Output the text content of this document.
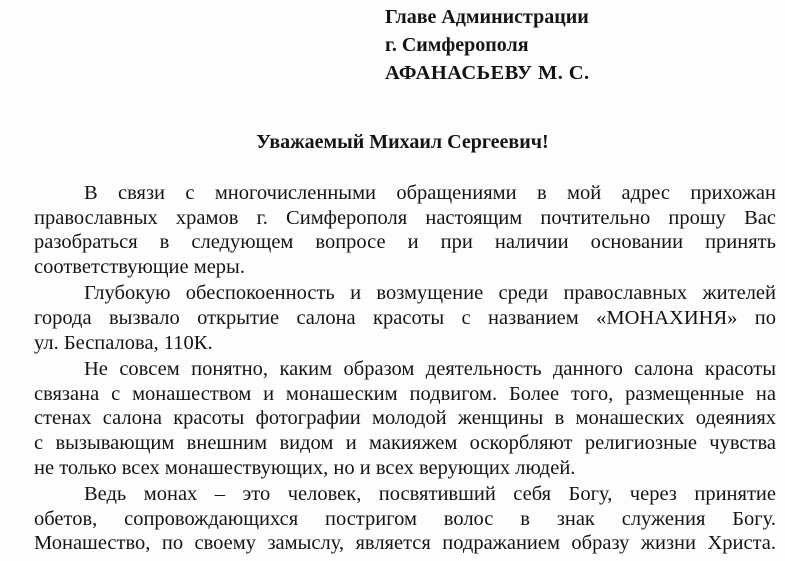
Главе Администрации
г. Симферополя
АФАНАСЬЕВУ М. С.
Уважаемый Михаил Сергеевич!
В связи с многочисленными обращениями в мой адрес прихожан
православных храмов г. Симферополя настоящим почтительно прошу Вас
разобраться в следующем вопросе и при наличии основании принять
соответствующие меры.
Глубокую обеспокоенность и возмущение среди православных жителей
города вызвало открытие салона красоты с названием «МОНАХИНЯ» по
ул. Беспалова, 110К.
Не совсем понятно, каким образом деятельность данного салона красоты
связана с монашеством и монашеским подвигом. Более того, размещенные на
стенах салона красоты фотографии молодой женщины в монашеских одеяниях
с вызывающим внешним видом и макияжем оскорбляют религиозные чувства
не только всех монашествующих, но и всех верующих людей.
Ведь монах – это человек, посвятивший себя Богу, через принятие
обетов, сопровождающихся постригом волос в знак служения Богу.
Монашество, по своему замыслу, является подражанием образу жизни Христа.
